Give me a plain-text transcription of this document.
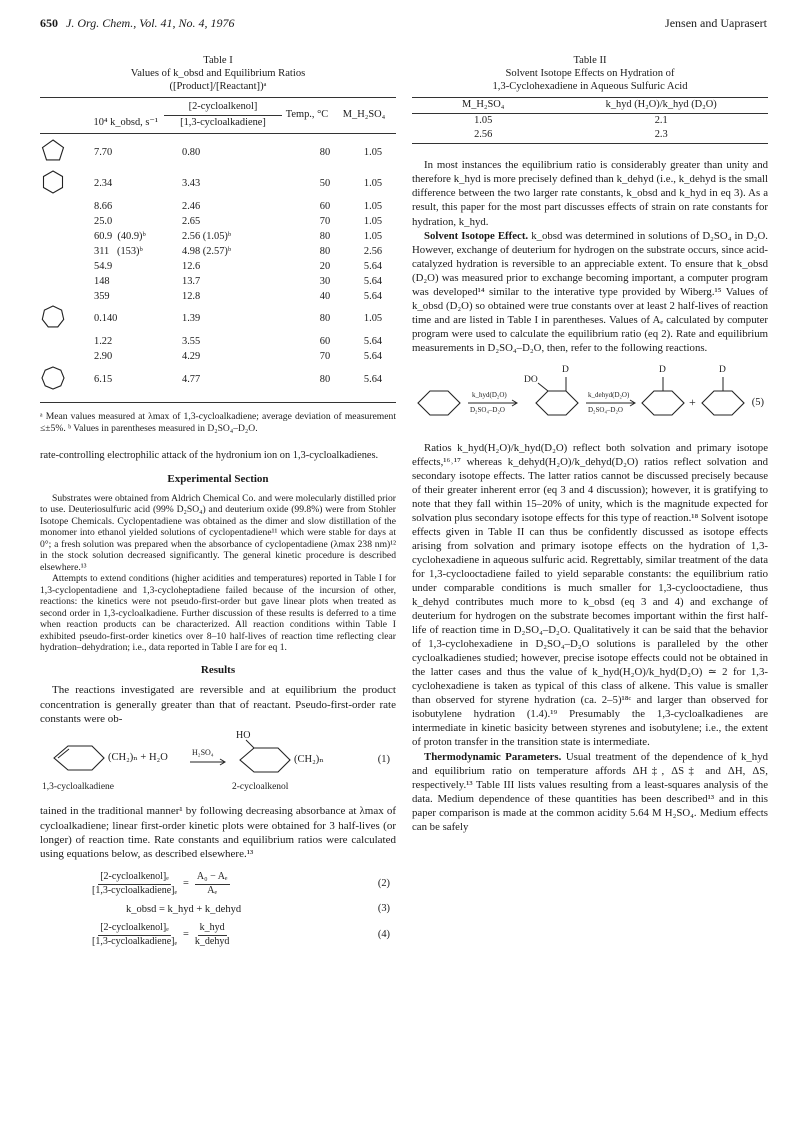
650 J. Org. Chem., Vol. 41, No. 4, 1976	Jensen and Uaprasert
Table I
Values of k_obsd and Equilibrium Ratios
([Product]/[Reactant])ᵃ
		[2-cycloalkenol]	Temp., °C	M_H₂SO₄
10⁴ k_obsd, s⁻¹		[1,3-cycloalkadiene]		
	7.70	0.80	80	1.05
	2.34	3.43	50	1.05
	8.66	2.46	60	1.05
	25.0	2.65	70	1.05
	60.9  (40.9)ᵇ	2.56 (1.05)ᵇ	80	1.05
	311   (153)ᵇ	4.98 (2.57)ᵇ	80	2.56
	54.9	12.6	20	5.64
	148	13.7	30	5.64
	359	12.8	40	5.64
	0.140	1.39	80	1.05
	1.22	3.55	60	5.64
	2.90	4.29	70	5.64
	6.15	4.77	80	5.64

ᵃ Mean values measured at λmax of 1,3-cycloalkadiene; average deviation of measurement ≤±5%. ᵇ Values in parentheses measured in D₂SO₄–D₂O.

rate-controlling electrophilic attack of the hydronium ion on 1,3-cycloalkadienes.

Experimental Section

Substrates were obtained from Aldrich Chemical Co. and were molecularly distilled prior to use. Deuteriosulfuric acid (99% D₂SO₄) and deuterium oxide (99.8%) were from Stohler Isotope Chemicals. Cyclopentadiene was obtained as the dimer and slow distillation of the monomer into ethanol yielded solutions of cyclopentadiene¹¹ which were stable for days at 0°; a fresh solution was prepared when the absorbance of cyclopentadiene (λmax 238 nm)¹² in the stock solution decreased significantly. The general kinetic procedure is described elsewhere.¹³

Attempts to extend conditions (higher acidities and temperatures) reported in Table I for 1,3-cyclopentadiene and 1,3-cycloheptadiene failed because of the incursion of other, reactions: the kinetics were not pseudo-first-order but gave linear plots when treated as second order in 1,3-cycloalkadiene. Further discussion of these results is deferred to a time when reaction products can be characterized. All reaction conditions within Table I exhibited pseudo-first-order kinetics over 8–10 half-lives of reaction time reflecting clear hydration–dehydration; i.e., data reported in Table I are for eq 1.

Results

The reactions investigated are reversible and at equilibrium the product concentration is generally greater than that of reactant. Pseudo-first-order rate constants were ob-

(CH₂)ₙ + H₂O	H₂SO₄
HO
(CH₂)ₙ	(1)
1,3-cycloalkadiene	2-cycloalkenol

tained in the traditional manner¹ by following decreasing absorbance at λmax of cycloalkadiene; linear first-order kinetic plots were obtained for 3 half-lives (or longer) of reaction time. Rate constants and equilibrium ratios were calculated using equations below, as described elsewhere.¹³

$\frac{\text{[2-cycloalkenol]ₑ}}{\text{[1,3-cycloalkadiene]ₑ}} = \frac{\text{A₀ − Aₑ}}{\text{Aₑ}}$	(2)
k_obsd = k_hyd + k_dehyd	(3)
$\frac{\text{[2-cycloalkenol]ₑ}}{\text{[1,3-cycloalkadiene]ₑ}} = \frac{\text{k\_hyd}}{\text{k\_dehyd}}$	(4)
Table II
Solvent Isotope Effects on Hydration of
1,3-Cyclohexadiene in Aqueous Sulfuric Acid
M_H₂SO₄	k_hyd (H₂O)/k_hyd (D₂O)
1.05	2.1
2.56	2.3

In most instances the equilibrium ratio is considerably greater than unity and therefore k_hyd is more precisely defined than k_dehyd (i.e., k_dehyd is the small difference between the two larger rate constants, k_obsd and k_hyd in eq 3). As a result, this paper for the most part discusses effects of strain on rate constants for hydration, k_hyd.

Solvent Isotope Effect. k_obsd was determined in solutions of D₂SO₄ in D₂O. However, exchange of deuterium for hydrogen on the substrate occurs, since acid-catalyzed hydration is reversible to an appreciable extent. To ensure that k_obsd (D₂O) was measured prior to exchange becoming important, a computer program was developed¹⁴ similar to the interative type provided by Wiberg.¹⁵ Values of k_obsd (D₂O) so obtained were true constants over at least 2 half-lives of reaction time and are listed in Table I in parentheses. Values of Aₑ calculated by computer program were used to calculate the equilibrium ratio (eq 2). Rate and equilibrium measurements in D₂SO₄–D₂O, then, refer to the following reactions.

k_hyd(D₂O)
D₂SO₄–D₂O
k_dehyd(D₂O)
D₂SO₄–D₂O
DO
D	D	D
+	(5)

Ratios k_hyd(H₂O)/k_hyd(D₂O) reflect both solvation and primary isotope effects,¹⁶˒¹⁷ whereas k_dehyd(H₂O)/k_dehyd(D₂O) ratios reflect solvation and secondary isotope effects. The latter ratios cannot be discussed precisely because of their greater inherent error (eq 3 and 4 discussion); however, it is gratifying to note that they fall within 15–20% of unity, which is the magnitude expected for solvation plus secondary isotope effects for this type of reaction.¹⁸ Solvent isotope effects given in Table II can thus be confidently discussed as isotope effects arising from solvation and primary isotope effects on the hydration of 1,3-cyclohexadiene in aqueous sulfuric acid. Regrettably, similar treatment of the data for 1,3-cyclooctadiene failed to yield separable constants: the equilibrium ratio under comparable conditions is much smaller for 1,3-cyclooctadiene, thus k_dehyd contributes much more to k_obsd (eq 3 and 4) and exchange of deuterium for hydrogen on the substrate becomes important within the first half-life of reaction time in D₂SO₄–D₂O. Qualitatively it can be said that the behavior of 1,3-cyclohexadiene in D₂SO₄–D₂O solutions is paralleled by the other cycloalkadienes studied; however, precise isotope effects could not be obtained in the latter cases and thus the value of k_hyd(H₂O)/k_hyd(D₂O) ≃ 2 for 1,3-cyclohexadiene is taken as typical of this class of alkene. This value is smaller than observed for styrene hydration (ca. 2–5)¹⁸ᶜ and larger than observed for isobutylene hydration (1.4).¹⁹ Presumably the 1,3-cycloalkadienes are intermediate in kinetic basicity between styrenes and isobutylene; i.e., the extent of proton transfer in the transition state is intermediate.

Thermodynamic Parameters. Usual treatment of the dependence of k_hyd and equilibrium ratio on temperature affords ΔH‡, ΔS‡ and ΔH, ΔS, respectively.¹³ Table III lists values resulting from a least-squares analysis of the data. Medium dependence of these quantities has been described¹³ and in this paper comparison is made at the common acidity 5.64 M H₂SO₄. Medium effects can be safely
